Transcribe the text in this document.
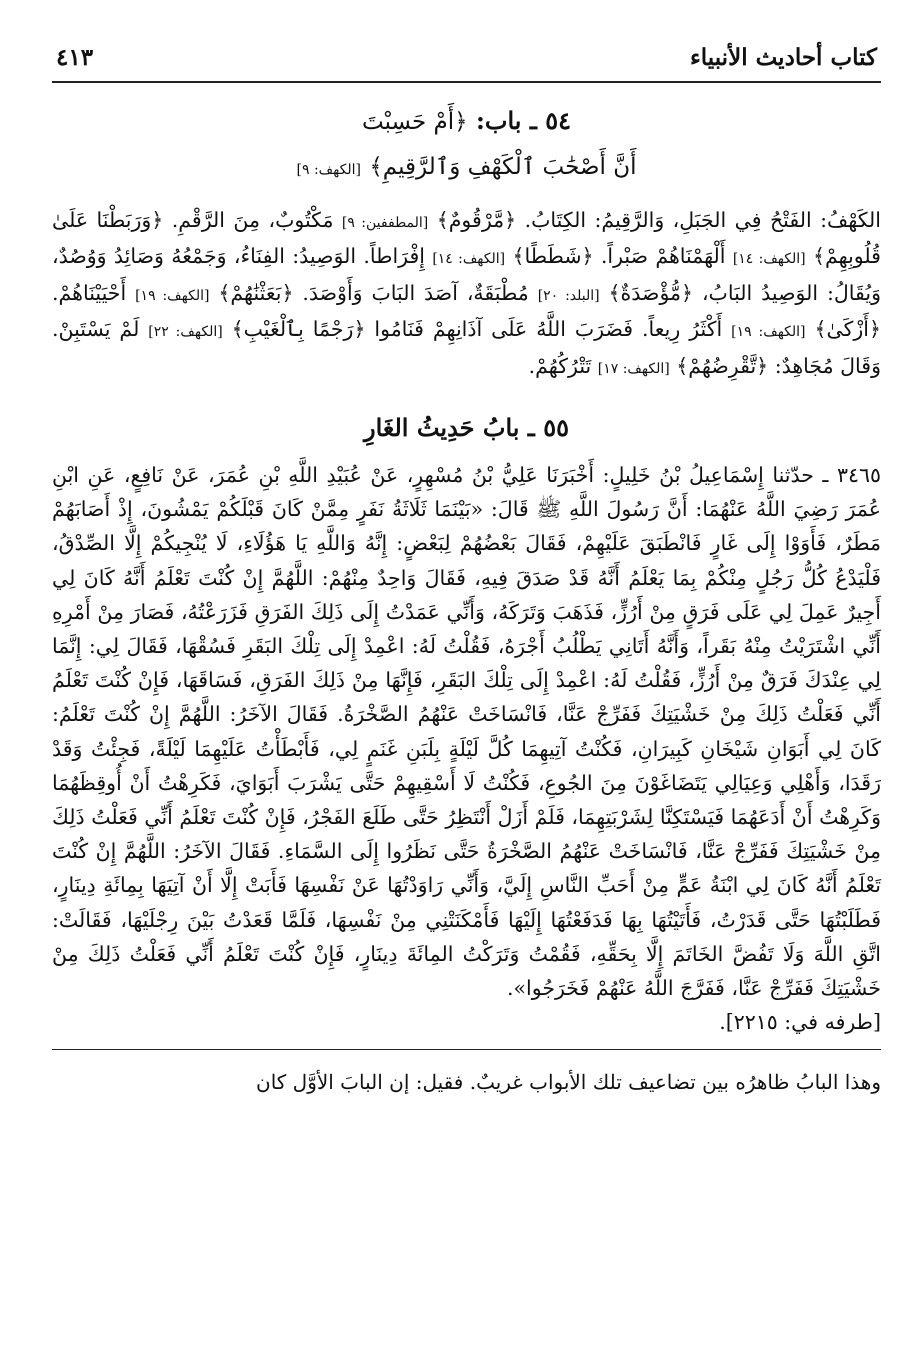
كتاب أحاديث الأنبياء
٤١٣
٥٤ ـ باب: ﴿أَمْ حَسِبْتَ
أَنَّ أَصْحَٰبَ ٱلْكَهْفِ وَٱلرَّقِيمِ﴾ [الكهف: ٩]

الكَهْفُ: الفَتْحُ فِي الجَبَلِ، وَالرَّقِيمُ: الكِتَابُ. ﴿مَّرْقُومٌ﴾ [المطففين: ٩] مَكْتُوبٌ، مِنَ الرَّقْمِ. ﴿وَرَبَطْنَا عَلَىٰ قُلُوبِهِمْ﴾ [الكهف: ١٤] أَلْهَمْنَاهُمْ صَبْراً. ﴿شَطَطًا﴾ [الكهف: ١٤] إِفْرَاطاً. الوَصِيدُ: الفِنَاءُ، وَجَمْعُهُ وَصَائِدُ وَوُصُدٌ، وَيُقَالُ: الوَصِيدُ البَابُ، ﴿مُّؤْصَدَةٌ﴾ [البلد: ٢٠] مُطْبَقَةٌ، آصَدَ البَابَ وَأَوْصَدَ. ﴿بَعَثْنَٰهُمْ﴾ [الكهف: ١٩] أَحْيَيْنَاهُمْ. ﴿أَزْكَىٰ﴾ [الكهف: ١٩] أَكْثَرُ رِيعاً. فَضَرَبَ اللَّهُ عَلَى آذَانِهِمْ فَنَامُوا ﴿رَجْمًا بِٱلْغَيْبِ﴾ [الكهف: ٢٢] لَمْ يَسْتَبِنْ. وَقَالَ مُجَاهِدٌ: ﴿تَّقْرِضُهُمْ﴾ [الكهف: ١٧] تَتْرُكُهُمْ.

٥٥ ـ بابُ حَدِيثُ الغَارِ

٣٤٦٥ ـ حدّثنا إِسْمَاعِيلُ بْنُ خَلِيلٍ: أَخْبَرَنَا عَلِيُّ بْنُ مُسْهِرٍ، عَنْ عُبَيْدِ اللَّهِ بْنِ عُمَرَ، عَنْ نَافِعٍ، عَنِ ابْنِ عُمَرَ رَضِيَ اللَّهُ عَنْهُمَا: أَنَّ رَسُولَ اللَّهِ ﷺ قَالَ: «بَيْنَمَا ثَلَاثَةُ نَفَرٍ مِمَّنْ كَانَ قَبْلَكُمْ يَمْشُونَ، إِذْ أَصَابَهُمْ مَطَرٌ، فَأَوَوْا إِلَى غَارٍ فَانْطَبَقَ عَلَيْهِمْ، فَقَالَ بَعْضُهُمْ لِبَعْضٍ: إِنَّهُ وَاللَّهِ يَا هَؤُلَاءِ، لَا يُنْجِيكُمْ إِلَّا الصِّدْقُ، فَلْيَدْعُ كُلُّ رَجُلٍ مِنْكُمْ بِمَا يَعْلَمُ أَنَّهُ قَدْ صَدَقَ فِيهِ، فَقَالَ وَاحِدٌ مِنْهُمْ: اللَّهُمَّ إِنْ كُنْتَ تَعْلَمُ أَنَّهُ كَانَ لِي أَجِيرٌ عَمِلَ لِي عَلَى فَرَقٍ مِنْ أَرُزٍّ، فَذَهَبَ وَتَرَكَهُ، وَأَنِّي عَمَدْتُ إِلَى ذَلِكَ الفَرَقِ فَزَرَعْتُهُ، فَصَارَ مِنْ أَمْرِهِ أَنِّي اشْتَرَيْتُ مِنْهُ بَقَراً، وَأَنَّهُ أَتَانِي يَطْلُبُ أَجْرَهُ، فَقُلْتُ لَهُ: اعْمِدْ إِلَى تِلْكَ البَقَرِ فَسُقْهَا، فَقَالَ لِي: إِنَّمَا لِي عِنْدَكَ فَرَقٌ مِنْ أَرُزٍّ، فَقُلْتُ لَهُ: اعْمِدْ إِلَى تِلْكَ البَقَرِ، فَإِنَّهَا مِنْ ذَلِكَ الفَرَقِ، فَسَاقَهَا، فَإِنْ كُنْتَ تَعْلَمُ أَنِّي فَعَلْتُ ذَلِكَ مِنْ خَشْيَتِكَ فَفَرِّجْ عَنَّا، فَانْسَاخَتْ عَنْهُمُ الصَّخْرَةُ. فَقَالَ الآخَرُ: اللَّهُمَّ إِنْ كُنْتَ تَعْلَمُ: كَانَ لِي أَبَوَانِ شَيْخَانِ كَبِيرَانِ، فَكُنْتُ آتِيهِمَا كُلَّ لَيْلَةٍ بِلَبَنِ غَنَمٍ لِي، فَأَبْطَأْتُ عَلَيْهِمَا لَيْلَةً، فَجِئْتُ وَقَدْ رَقَدَا، وَأَهْلِي وَعِيَالِي يَتَضَاغَوْنَ مِنَ الجُوعِ، فَكُنْتُ لَا أَسْقِيهِمْ حَتَّى يَشْرَبَ أَبَوَايَ، فَكَرِهْتُ أَنْ أُوقِظَهُمَا وَكَرِهْتُ أَنْ أَدَعَهُمَا فَيَسْتَكِنَّا لِشَرْبَتِهِمَا، فَلَمْ أَزَلْ أَنْتَظِرُ حَتَّى طَلَعَ الفَجْرُ، فَإِنْ كُنْتَ تَعْلَمُ أَنِّي فَعَلْتُ ذَلِكَ مِنْ خَشْيَتِكَ فَفَرِّجْ عَنَّا، فَانْسَاخَتْ عَنْهُمُ الصَّخْرَةُ حَتَّى نَظَرُوا إِلَى السَّمَاءِ. فَقَالَ الآخَرُ: اللَّهُمَّ إِنْ كُنْتَ تَعْلَمُ أَنَّهُ كَانَ لِي ابْنَةُ عَمٍّ مِنْ أَحَبِّ النَّاسِ إِلَيَّ، وَأَنِّي رَاوَدْتُهَا عَنْ نَفْسِهَا فَأَبَتْ إِلَّا أَنْ آتِيَهَا بِمِائَةِ دِينَارٍ، فَطَلَبْتُهَا حَتَّى قَدَرْتُ، فَأَتَيْتُهَا بِهَا فَدَفَعْتُهَا إِلَيْهَا فَأَمْكَنَتْنِي مِنْ نَفْسِهَا، فَلَمَّا قَعَدْتُ بَيْنَ رِجْلَيْهَا، فَقَالَتْ: اتَّقِ اللَّهَ وَلَا تَفُضَّ الخَاتَمَ إِلَّا بِحَقِّهِ، فَقُمْتُ وَتَرَكْتُ المِائَةَ دِينَارٍ، فَإِنْ كُنْتَ تَعْلَمُ أَنِّي فَعَلْتُ ذَلِكَ مِنْ خَشْيَتِكَ فَفَرِّجْ عَنَّا، فَفَرَّجَ اللَّهُ عَنْهُمْ فَخَرَجُوا».

[طرفه في: ٢٢١٥].

وهذا البابُ ظاهرُه بين تضاعيف تلك الأبواب غريبٌ. فقيل: إن البابَ الأوَّل كان
